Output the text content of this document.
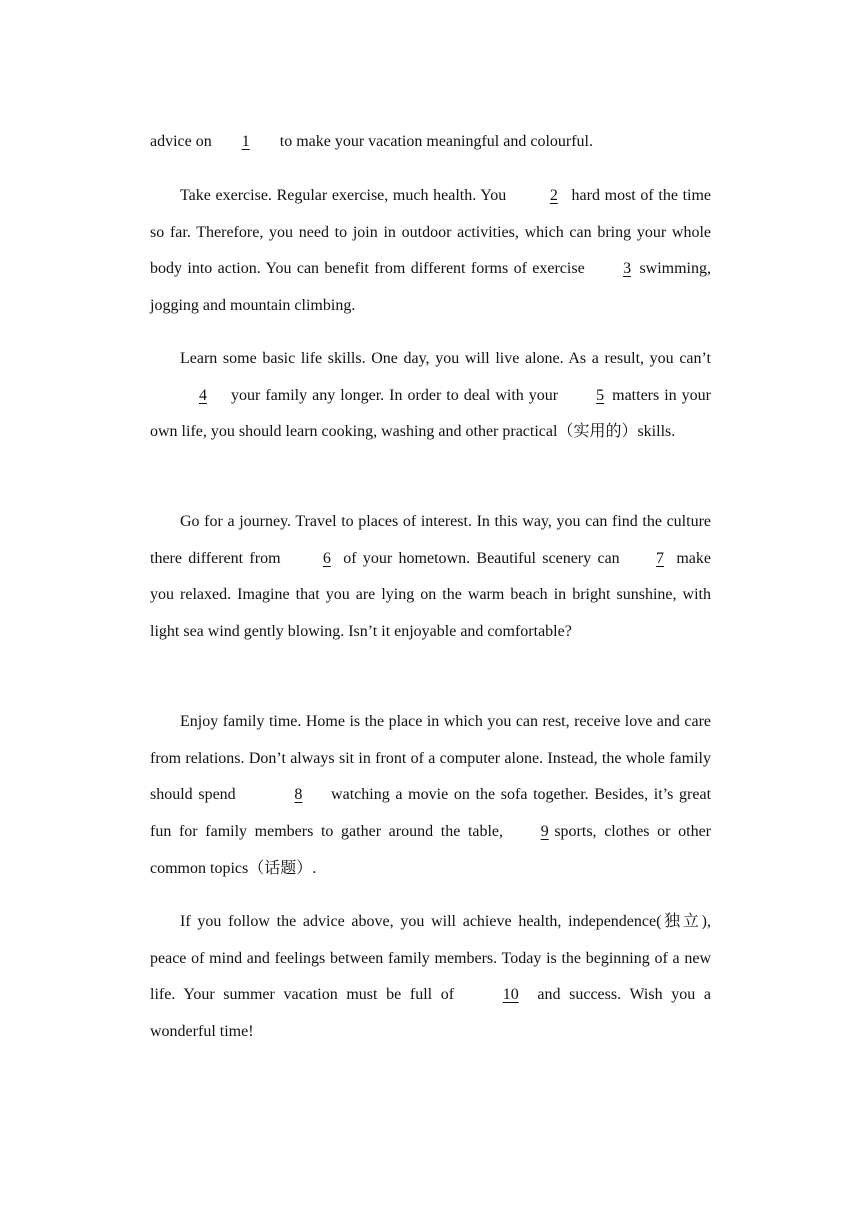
advice on 1 to make your vacation meaningful and colourful.

Take exercise. Regular exercise, much health. You 2 hard most of the time so far. Therefore, you need to join in outdoor activities, which can bring your whole body into action. You can benefit from different forms of exercise 3 swimming, jogging and mountain climbing.

Learn some basic life skills. One day, you will live alone. As a result, you can’t 4 your family any longer. In order to deal with your 5 matters in your own life, you should learn cooking, washing and other practical（实用的）skills.

Go for a journey. Travel to places of interest. In this way, you can find the culture there different from 6 of your hometown. Beautiful scenery can 7 make you relaxed. Imagine that you are lying on the warm beach in bright sunshine, with light sea wind gently blowing. Isn’t it enjoyable and comfortable?

Enjoy family time. Home is the place in which you can rest, receive love and care from relations. Don’t always sit in front of a computer alone. Instead, the whole family should spend	8 watching a movie on the sofa together. Besides, it’s great fun for family members to gather around the table, 9 sports, clothes or other common topics（话题）.

If you follow the advice above, you will achieve health, independence(独立), peace of mind and feelings between family members. Today is the beginning of a new life. Your summer vacation must be full of	10 and success. Wish you a wonderful time!
